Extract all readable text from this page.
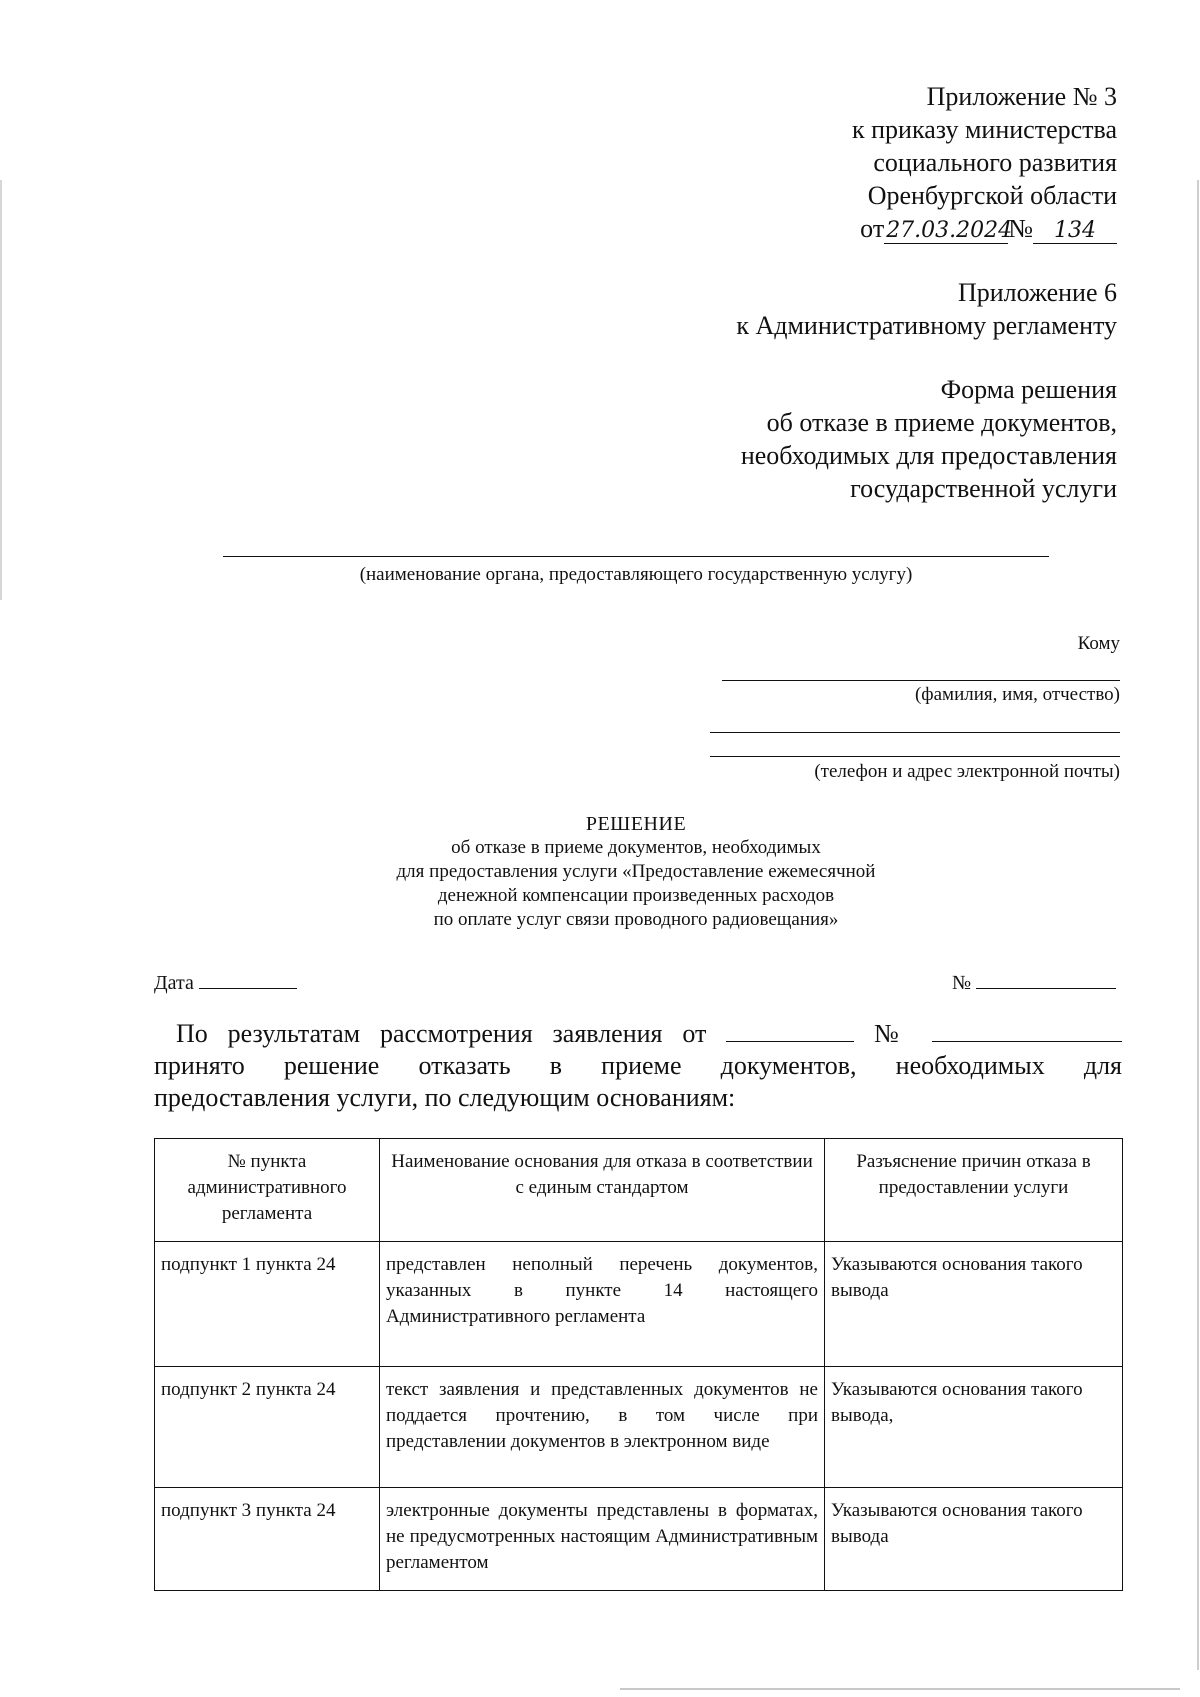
Приложение № 3
к приказу министерства
социального развития
Оренбургской области
от27.03.2024№ 134
Приложение 6
к Административному регламенту
Форма решения
об отказе в приеме документов,
необходимых для предоставления
государственной услуги
(наименование органа, предоставляющего государственную услугу)
Кому
(фамилия, имя, отчество)
(телефон и адрес электронной почты)
РЕШЕНИЕ
об отказе в приеме документов, необходимых
для предоставления услуги «Предоставление ежемесячной
денежной компенсации произведенных расходов
по оплате услуг связи проводного радиовещания»
Дата	№
По результатам рассмотрения заявления от	№
принято решение отказать в приеме документов, необходимых для
предоставления услуги, по следующим основаниям:
№ пункта административного регламента	Наименование основания для отказа в соответствии с единым стандартом	Разъяснение причин отказа в предоставлении услуги
подпункт 1 пункта 24	представлен неполный перечень документов, указанных в пункте 14 настоящего Административного регламента	Указываются основания такого вывода
подпункт 2 пункта 24	текст заявления и представленных документов не поддается прочтению, в том числе при представлении документов в электронном виде	Указываются основания такого вывода,
подпункт 3 пункта 24	электронные документы представлены в форматах, не предусмотренных настоящим Административным регламентом	Указываются основания такого вывода
